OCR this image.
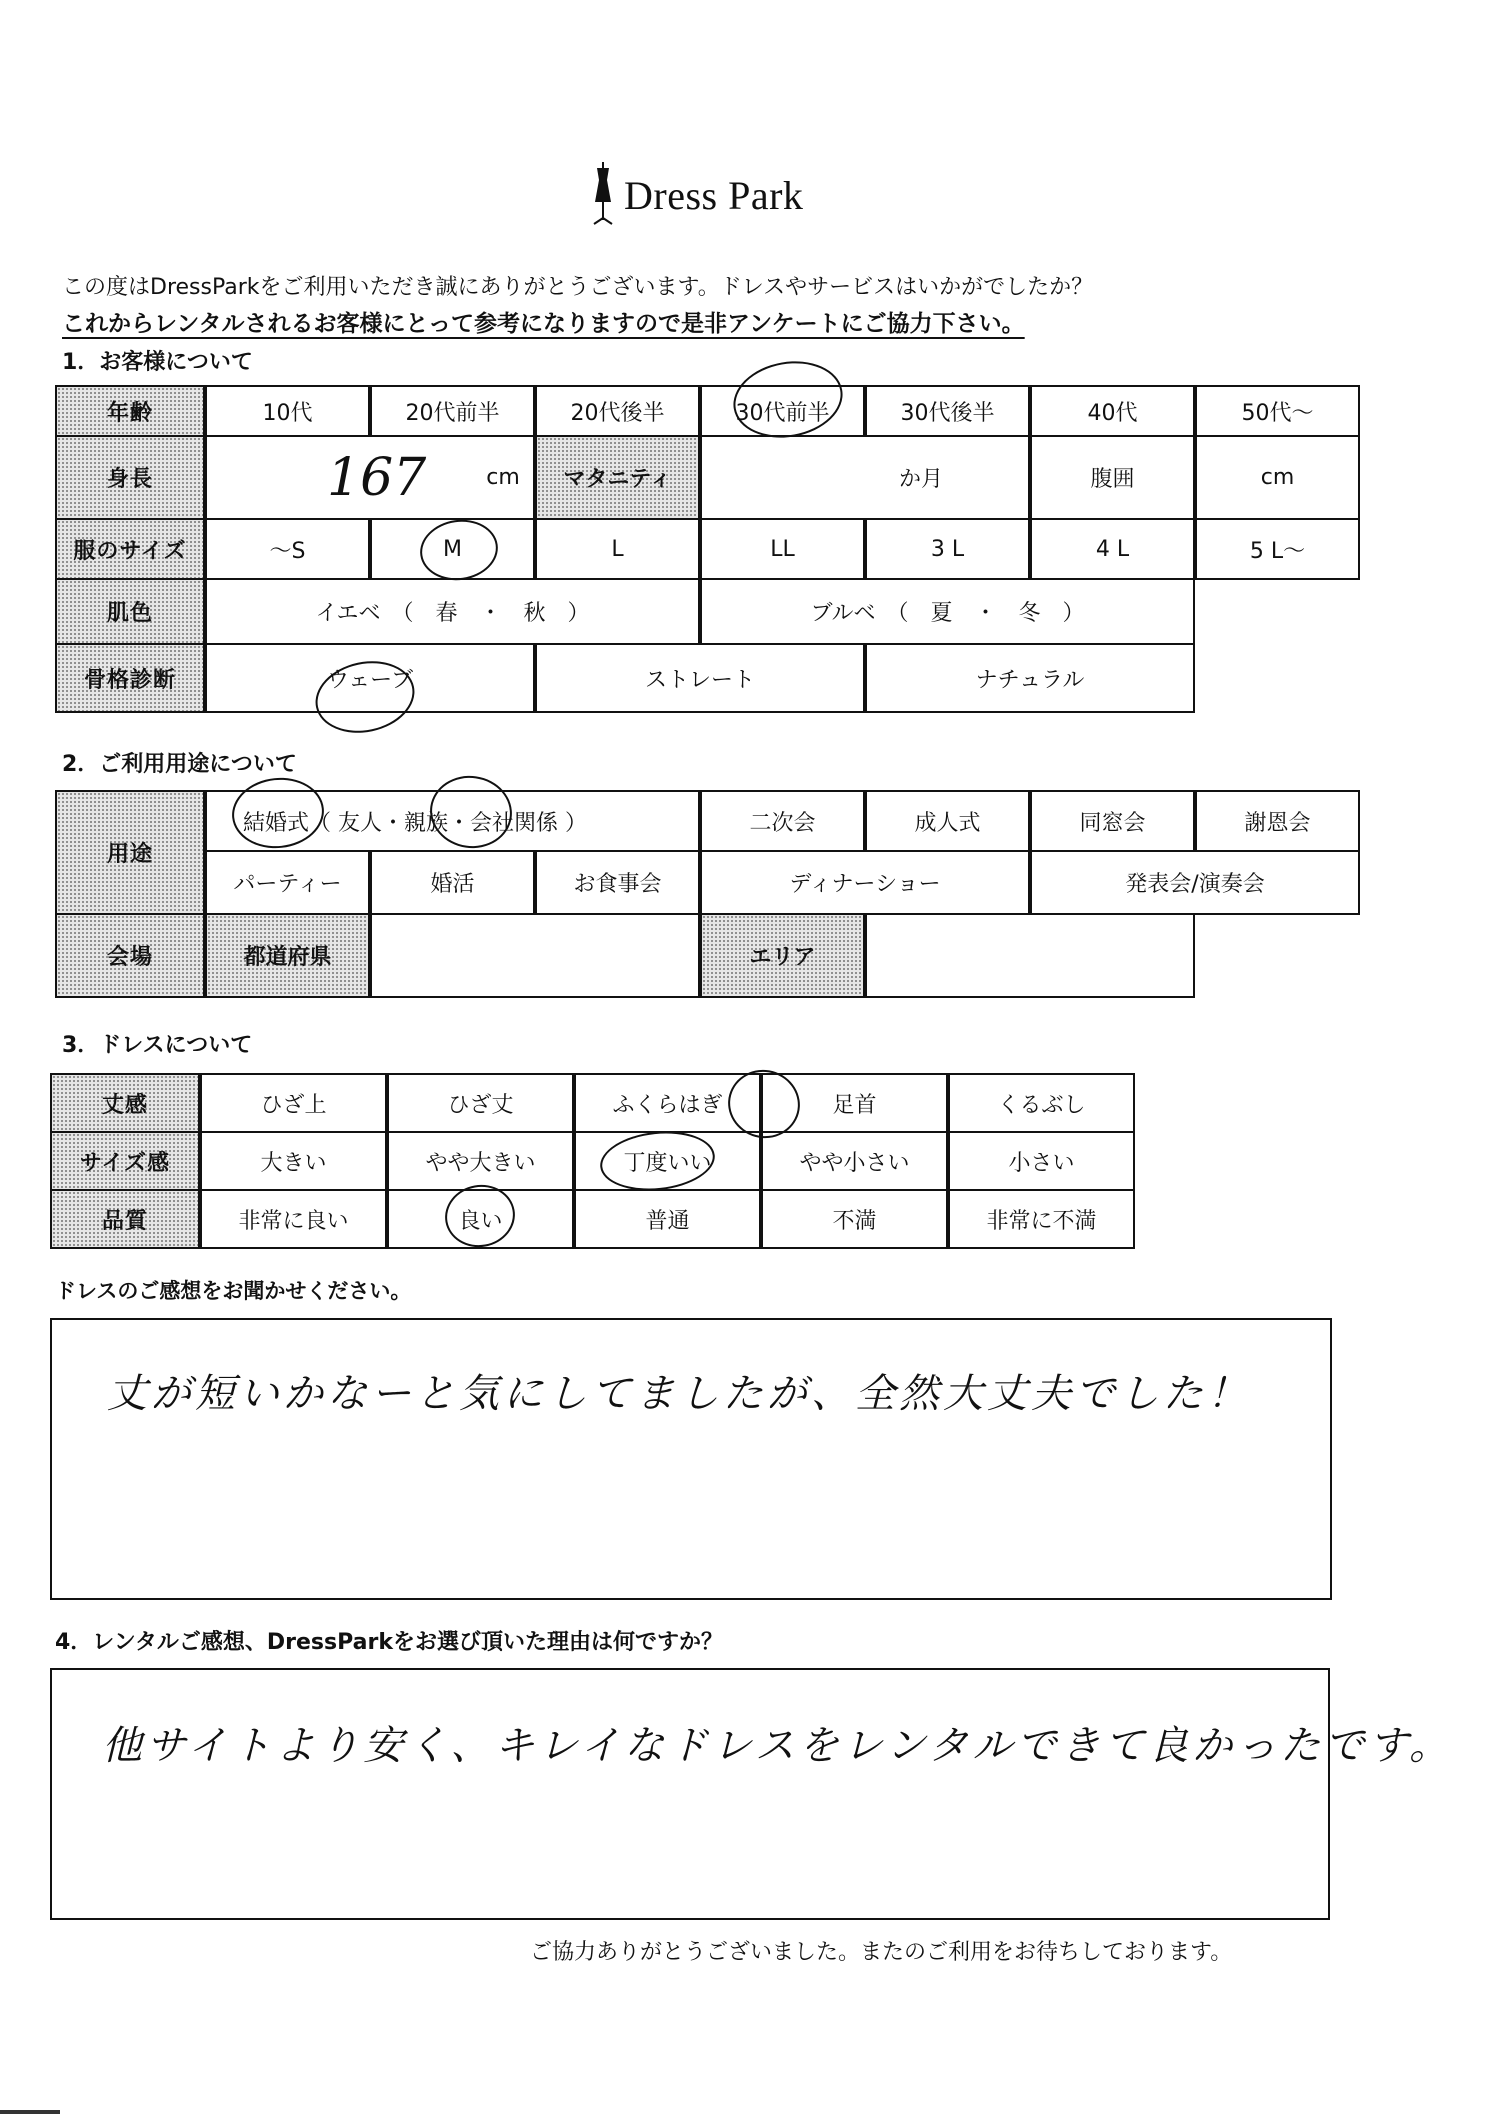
Dress Park
この度はDressParkをご利用いただき誠にありがとうございます。ドレスやサービスはいかがでしたか？
これからレンタルされるお客様にとって参考になりますので是非アンケートにご協力下さい。
1．お客様について
年齢	10代	20代前半	20代後半	30代前半	30代後半	40代	50代～
身長	167	cm	マタニティ	か月	腹囲	cm
服のサイズ	～S	M	L	LL	3 L	4 L	5 L～
肌色	イエベ　（　春　・　秋　）	ブルベ　（　夏　・　冬　）
骨格診断	ウェーブ	ストレート	ナチュラル
2．ご利用用途について
用途
結婚式 （ 友人・ 親族 ・会社関係 ）	二次会	成人式	同窓会	謝恩会
パーティー	婚活	お食事会	ディナーショー	発表会/演奏会
会場	都道府県	エリア
3．ドレスについて
丈感	ひざ上	ひざ丈	ふくらはぎ	足首	くるぶし
サイズ感	大きい	やや大きい	丁度いい	やや小さい	小さい
品質	非常に良い	良い	普通	不満	非常に不満
ドレスのご感想をお聞かせください。
丈が短いかなーと気にしてましたが、全然大丈夫でした！
4．レンタルご感想、DressParkをお選び頂いた理由は何ですか？
他サイトより安く、キレイなドレスをレンタルできて良かったです。
ご協力ありがとうございました。またのご利用をお待ちしております。
